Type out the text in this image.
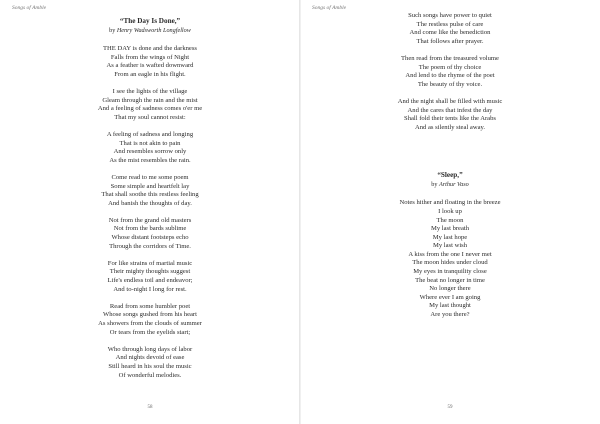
Songs of Amble
“The Day Is Done,”
by Henry Wadsworth Longfellow
THE DAY is done and the darkness
Falls from the wings of Night
As a feather is wafted downward
From an eagle in his flight.
I see the lights of the village
Gleam through the rain and the mist
And a feeling of sadness comes o'er me
That my soul cannot resist:
A feeling of sadness and longing
That is not akin to pain
And resembles sorrow only
As the mist resembles the rain.
Come read to me some poem
Some simple and heartfelt lay
That shall soothe this restless feeling
And banish the thoughts of day.
Not from the grand old masters
Not from the bards sublime
Whose distant footsteps echo
Through the corridors of Time.
For like strains of martial music
Their mighty thoughts suggest
Life's endless toil and endeavor;
And to-night I long for rest.
Read from some humbler poet
Whose songs gushed from his heart
As showers from the clouds of summer
Or tears from the eyelids start;
Who through long days of labor
And nights devoid of ease
Still heard in his soul the music
Of wonderful melodies.
58
Songs of Amble
Such songs have power to quiet
The restless pulse of care
And come like the benediction
That follows after prayer.
Then read from the treasured volume
The poem of thy choice
And lend to the rhyme of the poet
The beauty of thy voice.
And the night shall be filled with music
And the cares that infest the day
Shall fold their tents like the Arabs
And as silently steal away.
“Sleep,”
by Arthur Vaso
Notes hither and floating in the breeze
I look up
The moon
My last breath
My last hope
My last wish
A kiss from the one I never met
The moon hides under cloud
My eyes in tranquility close
The beat no longer in time
No longer there
Where ever I am going
My last thought
Are you there?
59
